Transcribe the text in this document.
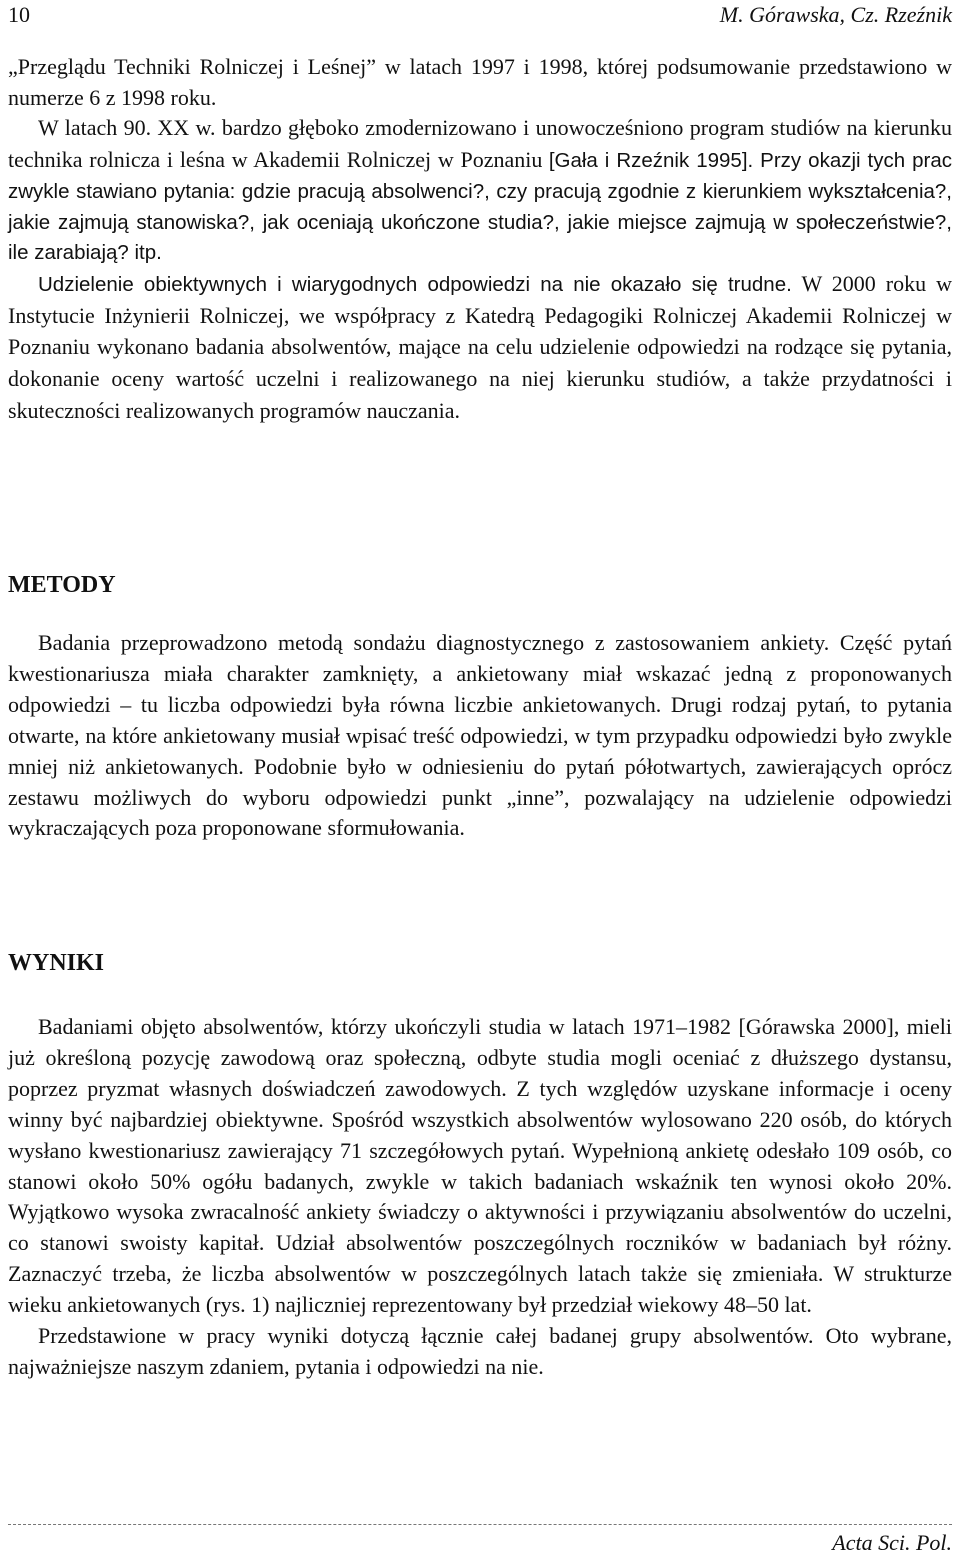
10	M. Górawska, Cz. Rzeźnik

„Przeglądu Techniki Rolniczej i Leśnej” w latach 1997 i 1998, której podsumowanie przedstawiono w numerze 6 z 1998 roku.

W latach 90. XX w. bardzo głęboko zmodernizowano i unowocześniono program studiów na kierunku technika rolnicza i leśna w Akademii Rolniczej w Poznaniu [Gała i Rzeźnik 1995]. Przy okazji tych prac zwykle stawiano pytania: gdzie pracują absolwenci?, czy pracują zgodnie z kierunkiem wykształcenia?, jakie zajmują stanowiska?, jak oceniają ukończone studia?, jakie miejsce zajmują w społeczeństwie?, ile zarabiają? itp.

Udzielenie obiektywnych i wiarygodnych odpowiedzi na nie okazało się trudne. W 2000 roku w Instytucie Inżynierii Rolniczej, we współpracy z Katedrą Pedagogiki Rolniczej Akademii Rolniczej w Poznaniu wykonano badania absolwentów, mające na celu udzielenie odpowiedzi na rodzące się pytania, dokonanie oceny wartość uczelni i realizowanego na niej kierunku studiów, a także przydatności i skuteczności realizowanych programów nauczania.

METODY

Badania przeprowadzono metodą sondażu diagnostycznego z zastosowaniem ankiety. Część pytań kwestionariusza miała charakter zamknięty, a ankietowany miał wskazać jedną z proponowanych odpowiedzi – tu liczba odpowiedzi była równa liczbie ankietowanych. Drugi rodzaj pytań, to pytania otwarte, na które ankietowany musiał wpisać treść odpowiedzi, w tym przypadku odpowiedzi było zwykle mniej niż ankietowanych. Podobnie było w odniesieniu do pytań półotwartych, zawierających oprócz zestawu możliwych do wyboru odpowiedzi punkt „inne”, pozwalający na udzielenie odpowiedzi wykraczających poza proponowane sformułowania.

WYNIKI

Badaniami objęto absolwentów, którzy ukończyli studia w latach 1971–1982 [Górawska 2000], mieli już określoną pozycję zawodową oraz społeczną, odbyte studia mogli oceniać z dłuższego dystansu, poprzez pryzmat własnych doświadczeń zawodowych. Z tych względów uzyskane informacje i oceny winny być najbardziej obiektywne. Spośród wszystkich absolwentów wylosowano 220 osób, do których wysłano kwestionariusz zawierający 71 szczegółowych pytań. Wypełnioną ankietę odesłało 109 osób, co stanowi około 50% ogółu badanych, zwykle w takich badaniach wskaźnik ten wynosi około 20%. Wyjątkowo wysoka zwracalność ankiety świadczy o aktywności i przywiązaniu absolwentów do uczelni, co stanowi swoisty kapitał. Udział absolwentów poszczególnych roczników w badaniach był różny. Zaznaczyć trzeba, że liczba absolwentów w poszczególnych latach także się zmieniała. W strukturze wieku ankietowanych (rys. 1) najliczniej reprezentowany był przedział wiekowy 48–50 lat.

Przedstawione w pracy wyniki dotyczą łącznie całej badanej grupy absolwentów. Oto wybrane, najważniejsze naszym zdaniem, pytania i odpowiedzi na nie.

Acta Sci. Pol.
